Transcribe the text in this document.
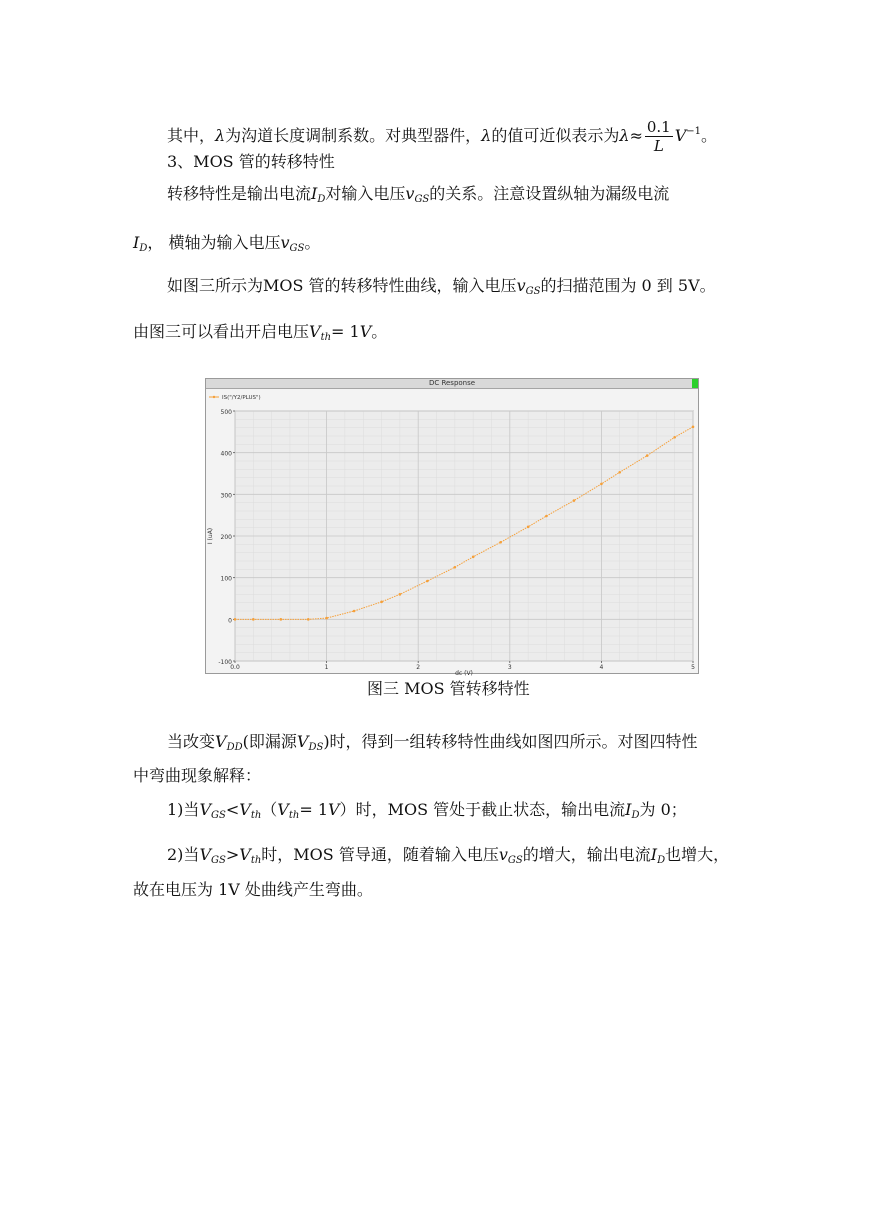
其中，λ为沟道长度调制系数。对典型器件，λ的值可近似表示为$\lambda\approx \frac{0.1}{L} V^{-1}$。
3、MOS 管的转移特性
转移特性是输出电流$I_D$对输入电压$v_{GS}$的关系。注意设置纵轴为漏级电流
$I_D$， 横轴为输入电压$v_{GS}$。
如图三所示为MOS 管的转移特性曲线，输入电压$v_{GS}$的扫描范围为 0 到 5V。
由图三可以看出开启电压$V_{th}= 1V$。
DC Response
-100
0
100
200
300
400
500
0.0	1	2	3	4	5
dc (V)
I (uA)
IS("/Y2/PLUS")
图三 MOS 管转移特性
当改变$V_{DD}$(即漏源$V_{DS}$)时，得到一组转移特性曲线如图四所示。对图四特性
中弯曲现象解释：
1)当$V_{GS}<V_{th}(V_{th}= 1V)$时，MOS 管处于截止状态，输出电流$I_D$为 0；
2)当$V_{GS}>V_{th}$时，MOS 管导通，随着输入电压$v_{GS}$的增大，输出电流$I_D$也增大，
故在电压为 1V 处曲线产生弯曲。
